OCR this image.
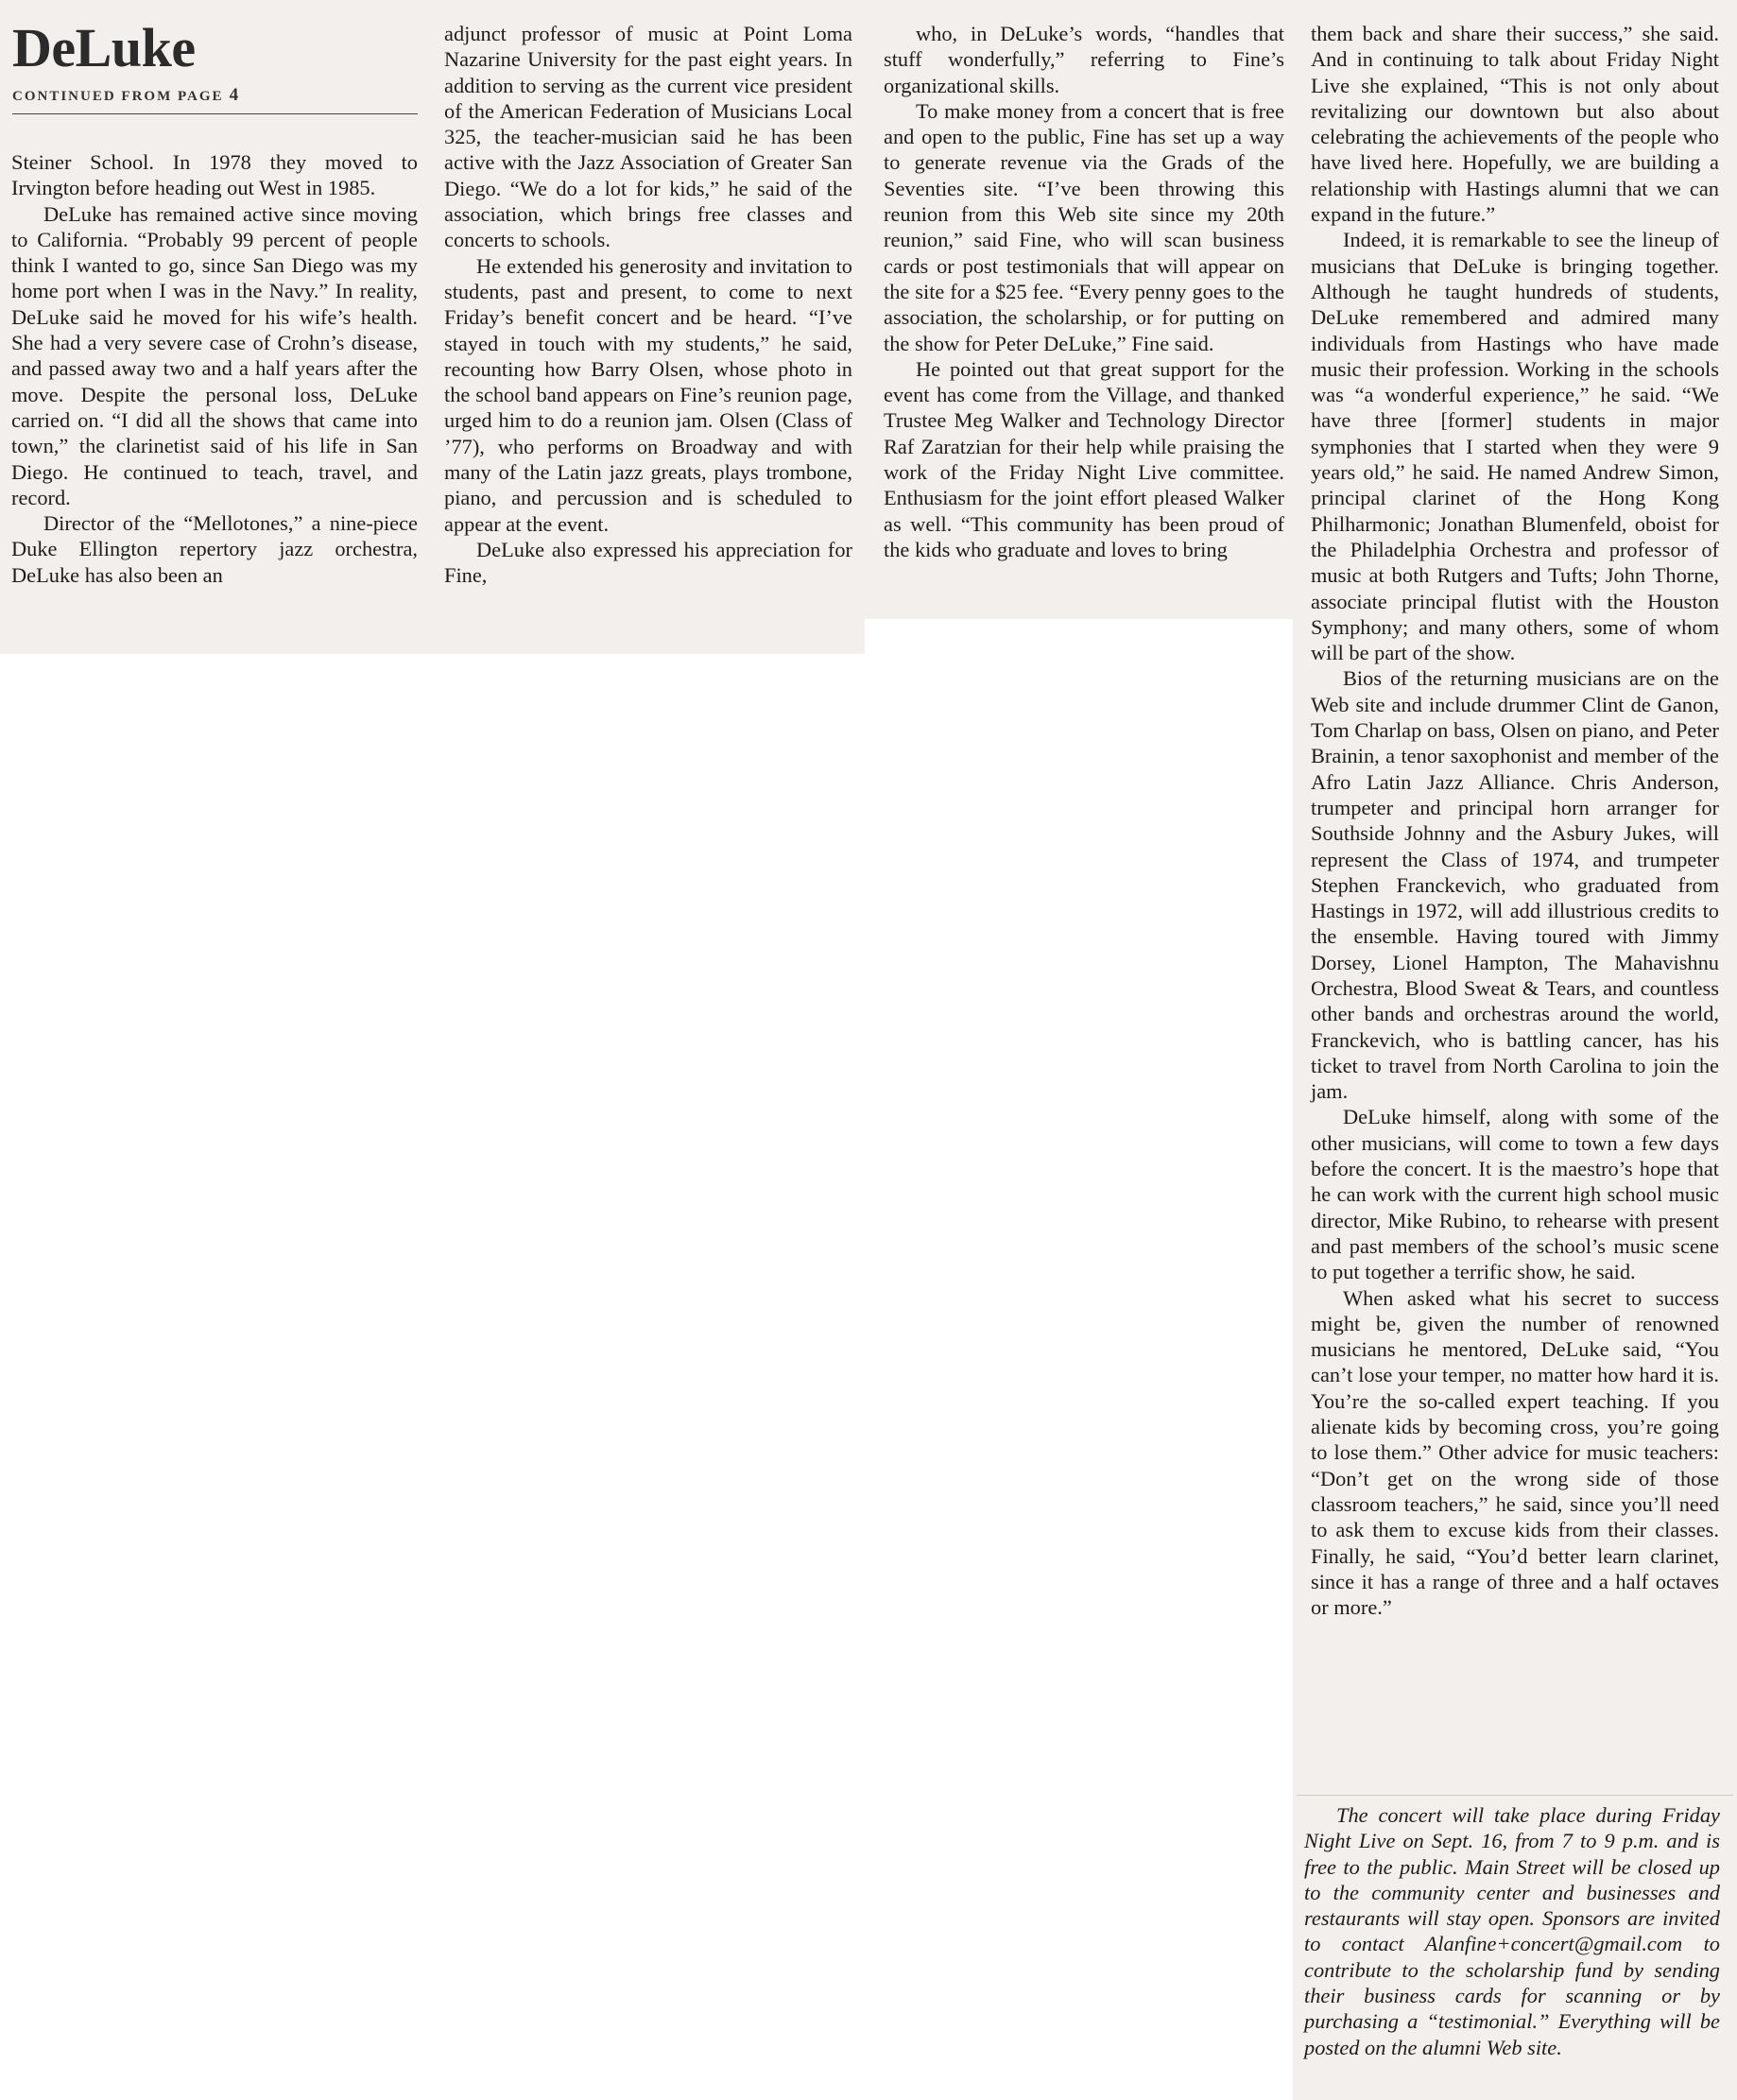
DeLuke
CONTINUED FROM PAGE 4

Steiner School. In 1978 they moved to Irvington before heading out West in 1985.

DeLuke has remained active since moving to California. “Probably 99 percent of people think I wanted to go, since San Diego was my home port when I was in the Navy.” In reality, DeLuke said he moved for his wife’s health. She had a very severe case of Crohn’s disease, and passed away two and a half years after the move. Despite the personal loss, DeLuke carried on. “I did all the shows that came into town,” the clarinetist said of his life in San Diego. He continued to teach, travel, and record.

Director of the “Mellotones,” a nine-piece Duke Ellington repertory jazz orchestra, DeLuke has also been an

adjunct professor of music at Point Loma Nazarine University for the past eight years. In addition to serving as the current vice president of the American Federation of Musicians Local 325, the teacher-musician said he has been active with the Jazz Association of Greater San Diego. “We do a lot for kids,” he said of the association, which brings free classes and concerts to schools.

He extended his generosity and invitation to students, past and present, to come to next Friday’s benefit concert and be heard. “I’ve stayed in touch with my students,” he said, recounting how Barry Olsen, whose photo in the school band appears on Fine’s reunion page, urged him to do a reunion jam. Olsen (Class of ’77), who performs on Broadway and with many of the Latin jazz greats, plays trombone, piano, and percussion and is scheduled to appear at the event.

DeLuke also expressed his appreciation for Fine,

who, in DeLuke’s words, “handles that stuff wonderfully,” referring to Fine’s organizational skills.

To make money from a concert that is free and open to the public, Fine has set up a way to generate revenue via the Grads of the Seventies site. “I’ve been throwing this reunion from this Web site since my 20th reunion,” said Fine, who will scan business cards or post testimonials that will appear on the site for a $25 fee. “Every penny goes to the association, the scholarship, or for putting on the show for Peter DeLuke,” Fine said.

He pointed out that great support for the event has come from the Village, and thanked Trustee Meg Walker and Technology Director Raf Zaratzian for their help while praising the work of the Friday Night Live committee. Enthusiasm for the joint effort pleased Walker as well. “This community has been proud of the kids who graduate and loves to bring

them back and share their success,” she said. And in continuing to talk about Friday Night Live she explained, “This is not only about revitalizing our downtown but also about celebrating the achievements of the people who have lived here. Hopefully, we are building a relationship with Hastings alumni that we can expand in the future.”

Indeed, it is remarkable to see the lineup of musicians that DeLuke is bringing together. Although he taught hundreds of students, DeLuke remembered and admired many individuals from Hastings who have made music their profession. Working in the schools was “a wonderful experience,” he said. “We have three [former] students in major symphonies that I started when they were 9 years old,” he said. He named Andrew Simon, principal clarinet of the Hong Kong Philharmonic; Jonathan Blumenfeld, oboist for the Philadelphia Orchestra and professor of music at both Rutgers and Tufts; John Thorne, associate principal flutist with the Houston Symphony; and many others, some of whom will be part of the show.

Bios of the returning musicians are on the Web site and include drummer Clint de Ganon, Tom Charlap on bass, Olsen on piano, and Peter Brainin, a tenor saxophonist and member of the Afro Latin Jazz Alliance. Chris Anderson, trumpeter and principal horn arranger for Southside Johnny and the Asbury Jukes, will represent the Class of 1974, and trumpeter Stephen Franckevich, who graduated from Hastings in 1972, will add illustrious credits to the ensemble. Having toured with Jimmy Dorsey, Lionel Hampton, The Mahavishnu Orchestra, Blood Sweat & Tears, and countless other bands and orchestras around the world, Franckevich, who is battling cancer, has his ticket to travel from North Carolina to join the jam.

DeLuke himself, along with some of the other musicians, will come to town a few days before the concert. It is the maestro’s hope that he can work with the current high school music director, Mike Rubino, to rehearse with present and past members of the school’s music scene to put together a terrific show, he said.

When asked what his secret to success might be, given the number of renowned musicians he mentored, DeLuke said, “You can’t lose your temper, no matter how hard it is. You’re the so-called expert teaching. If you alienate kids by becoming cross, you’re going to lose them.” Other advice for music teachers: “Don’t get on the wrong side of those classroom teachers,” he said, since you’ll need to ask them to excuse kids from their classes. Finally, he said, “You’d better learn clarinet, since it has a range of three and a half octaves or more.”

The concert will take place during Friday Night Live on Sept. 16, from 7 to 9 p.m. and is free to the public. Main Street will be closed up to the community center and businesses and restaurants will stay open. Sponsors are invited to contact Alanfine+concert@gmail.com to contribute to the scholarship fund by sending their business cards for scanning or by purchasing a “testimonial.” Everything will be posted on the alumni Web site.
